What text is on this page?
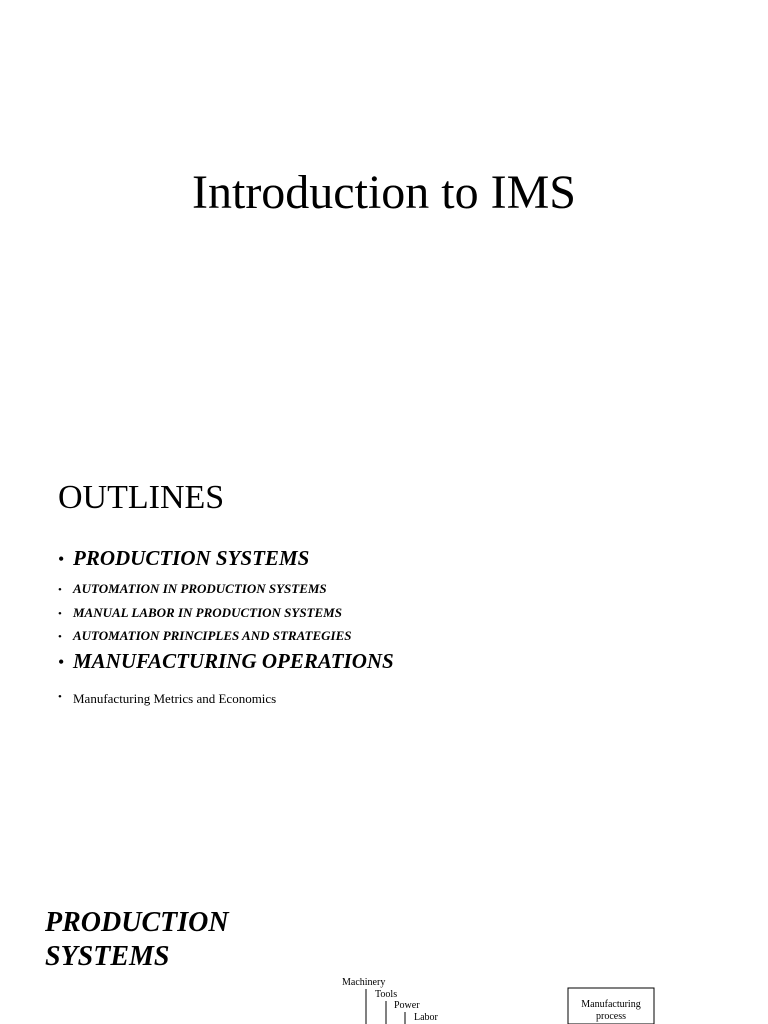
Introduction to IMS
OUTLINES
• PRODUCTION SYSTEMS
• AUTOMATION IN PRODUCTION SYSTEMS
• MANUAL LABOR IN PRODUCTION SYSTEMS
• AUTOMATION PRINCIPLES AND STRATEGIES
• MANUFACTURING OPERATIONS
• Manufacturing Metrics and Economics
PRODUCTION
SYSTEMS
Machinery
Tools
Power
Labor
Manufacturing
process
